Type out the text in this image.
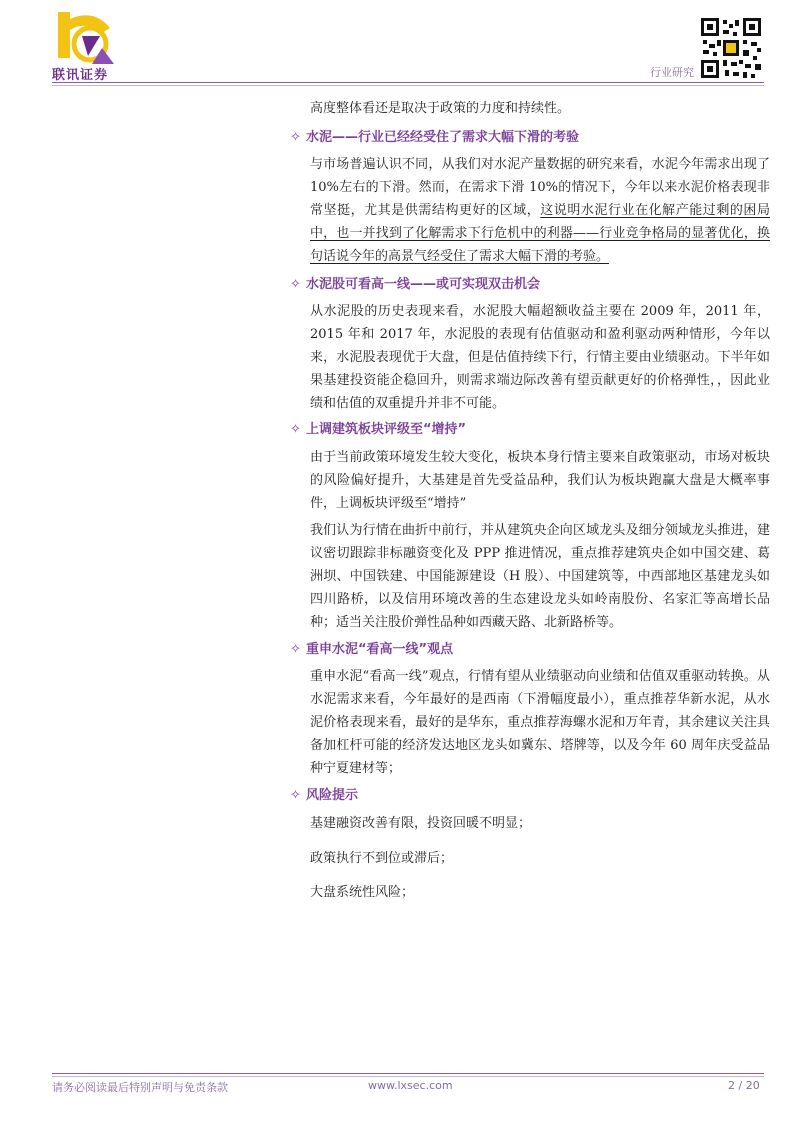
联讯证券	行业研究

高度整体看还是取决于政策的力度和持续性。

✧ 水泥——行业已经经受住了需求大幅下滑的考验

与市场普遍认识不同，从我们对水泥产量数据的研究来看，水泥今年需求出现了 10%左右的下滑。然而，在需求下滑 10%的情况下，今年以来水泥价格表现非常坚挺，尤其是供需结构更好的区域，这说明水泥行业在化解产能过剩的困局中，也一并找到了化解需求下行危机中的利器——行业竞争格局的显著优化，换句话说今年的高景气经受住了需求大幅下滑的考验。

✧ 水泥股可看高一线——或可实现双击机会

从水泥股的历史表现来看，水泥股大幅超额收益主要在 2009 年，2011 年，2015 年和 2017 年，水泥股的表现有估值驱动和盈利驱动两种情形，今年以来，水泥股表现优于大盘，但是估值持续下行，行情主要由业绩驱动。下半年如果基建投资能企稳回升，则需求端边际改善有望贡献更好的价格弹性，，因此业绩和估值的双重提升并非不可能。

✧ 上调建筑板块评级至“增持”

由于当前政策环境发生较大变化，板块本身行情主要来自政策驱动，市场对板块的风险偏好提升，大基建是首先受益品种，我们认为板块跑赢大盘是大概率事件，上调板块评级至“增持”

我们认为行情在曲折中前行，并从建筑央企向区域龙头及细分领域龙头推进，建议密切跟踪非标融资变化及 PPP 推进情况，重点推荐建筑央企如中国交建、葛洲坝、中国铁建、中国能源建设（H 股）、中国建筑等，中西部地区基建龙头如四川路桥，以及信用环境改善的生态建设龙头如岭南股份、名家汇等高增长品种；适当关注股价弹性品种如西藏天路、北新路桥等。

✧ 重申水泥“看高一线”观点

重申水泥“看高一线”观点，行情有望从业绩驱动向业绩和估值双重驱动转换。从水泥需求来看，今年最好的是西南（下滑幅度最小），重点推荐华新水泥，从水泥价格表现来看，最好的是华东，重点推荐海螺水泥和万年青，其余建议关注具备加杠杆可能的经济发达地区龙头如冀东、塔牌等，以及今年 60 周年庆受益品种宁夏建材等；

✧ 风险提示

基建融资改善有限，投资回暖不明显；

政策执行不到位或滞后；

大盘系统性风险；

请务必阅读最后特别声明与免责条款	www.lxsec.com	2 / 20
